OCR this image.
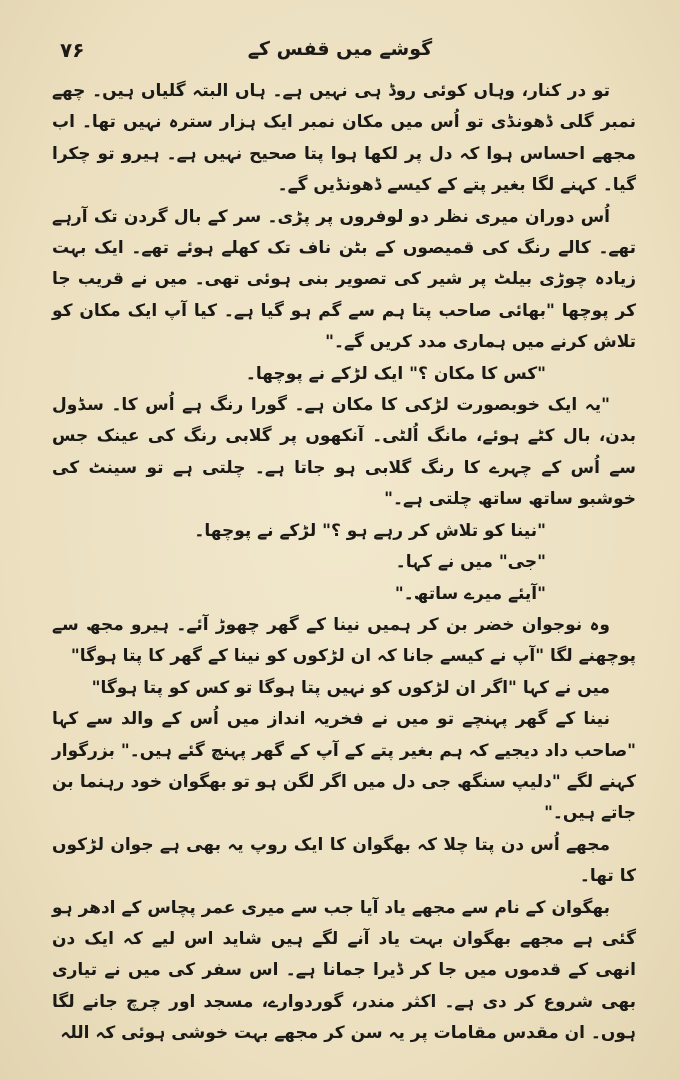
۷۶	گوشے میں قفس کے

تو در کنار، وہاں کوئی روڈ ہی نہیں ہے۔ ہاں البتہ گلیاں ہیں۔ چھے نمبر گلی ڈھونڈی تو اُس میں مکان نمبر ایک ہزار سترہ نہیں تھا۔ اب مجھے احساس ہوا کہ دل پر لکھا ہوا پتا صحیح نہیں ہے۔ ہیرو تو چکرا گیا۔ کہنے لگا بغیر پتے کے کیسے ڈھونڈیں گے۔

اُس دوران میری نظر دو لوفروں پر پڑی۔ سر کے بال گردن تک آرہے تھے۔ کالے رنگ کی قمیصوں کے بٹن ناف تک کھلے ہوئے تھے۔ ایک بہت زیادہ چوڑی بیلٹ پر شیر کی تصویر بنی ہوئی تھی۔ میں نے قریب جا کر پوچھا "بھائی صاحب پتا ہم سے گم ہو گیا ہے۔ کیا آپ ایک مکان کو تلاش کرنے میں ہماری مدد کریں گے۔"

"کس کا مکان ؟" ایک لڑکے نے پوچھا۔

"یہ ایک خوبصورت لڑکی کا مکان ہے۔ گورا رنگ ہے اُس کا۔ سڈول بدن، بال کٹے ہوئے، مانگ اُلٹی۔ آنکھوں پر گلابی رنگ کی عینک جس سے اُس کے چہرے کا رنگ گلابی ہو جاتا ہے۔ چلتی ہے تو سینٹ کی خوشبو ساتھ ساتھ چلتی ہے۔"

"نینا کو تلاش کر رہے ہو ؟" لڑکے نے پوچھا۔

"جی" میں نے کہا۔

"آیئے میرے ساتھ۔"

وہ نوجوان خضر بن کر ہمیں نینا کے گھر چھوڑ آئے۔ ہیرو مجھ سے پوچھنے لگا "آپ نے کیسے جانا کہ ان لڑکوں کو نینا کے گھر کا پتا ہوگا"

میں نے کہا "اگر ان لڑکوں کو نہیں پتا ہوگا تو کس کو پتا ہوگا"

نینا کے گھر پہنچے تو میں نے فخریہ انداز میں اُس کے والد سے کہا "صاحب داد دیجیے کہ ہم بغیر پتے کے آپ کے گھر پہنچ گئے ہیں۔" بزرگوار کہنے لگے "دلیپ سنگھ جی دل میں اگر لگن ہو تو بھگوان خود رہنما بن جاتے ہیں۔"

مجھے اُس دن پتا چلا کہ بھگوان کا ایک روپ یہ بھی ہے جوان لڑکوں کا تھا۔

بھگوان کے نام سے مجھے یاد آیا جب سے میری عمر پچاس کے ادھر ہو گئی ہے مجھے بھگوان بہت یاد آنے لگے ہیں شاید اس لیے کہ ایک دن انھی کے قدموں میں جا کر ڈیرا جمانا ہے۔ اس سفر کی میں نے تیاری بھی شروع کر دی ہے۔ اکثر مندر، گوردوارے، مسجد اور چرچ جانے لگا ہوں۔ ان مقدس مقامات پر یہ سن کر مجھے بہت خوشی ہوئی کہ اللہ
